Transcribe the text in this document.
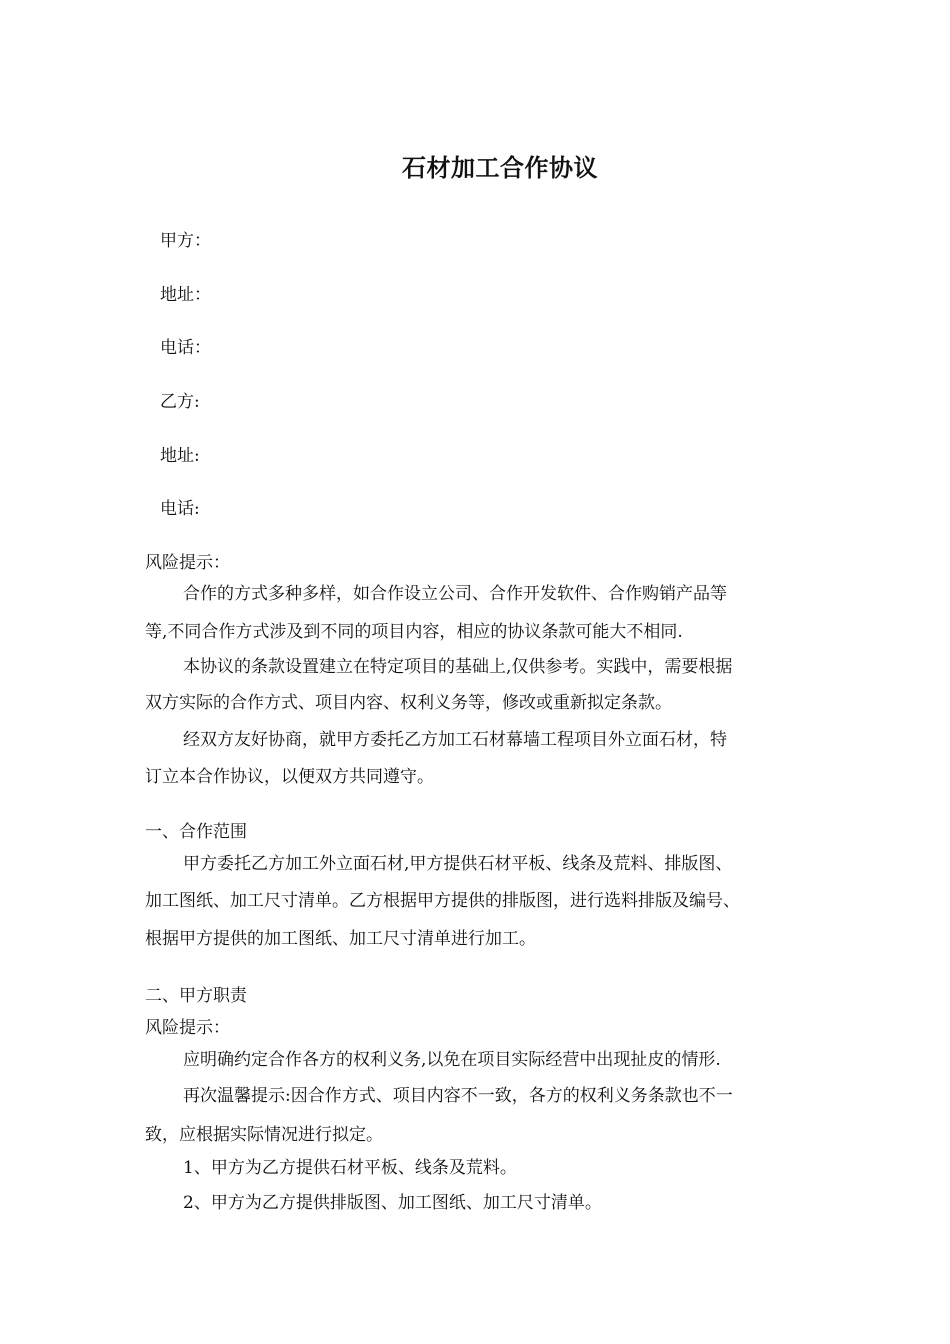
石材加工合作协议
甲方：
地址：
电话：
乙方:
地址:
电话:
风险提示：
合作的方式多种多样，如合作设立公司、合作开发软件、合作购销产品等
等,不同合作方式涉及到不同的项目内容，相应的协议条款可能大不相同.
本协议的条款设置建立在特定项目的基础上,仅供参考。实践中，需要根据
双方实际的合作方式、项目内容、权利义务等，修改或重新拟定条款。
经双方友好协商，就甲方委托乙方加工石材幕墙工程项目外立面石材，特
订立本合作协议，以便双方共同遵守。
一、合作范围
甲方委托乙方加工外立面石材,甲方提供石材平板、线条及荒料、排版图、
加工图纸、加工尺寸清单。乙方根据甲方提供的排版图，进行选料排版及编号、
根据甲方提供的加工图纸、加工尺寸清单进行加工。
二、甲方职责
风险提示：
应明确约定合作各方的权利义务,以免在项目实际经营中出现扯皮的情形.
再次温馨提示:因合作方式、项目内容不一致，各方的权利义务条款也不一
致，应根据实际情况进行拟定。
1、甲方为乙方提供石材平板、线条及荒料。
2、甲方为乙方提供排版图、加工图纸、加工尺寸清单。
